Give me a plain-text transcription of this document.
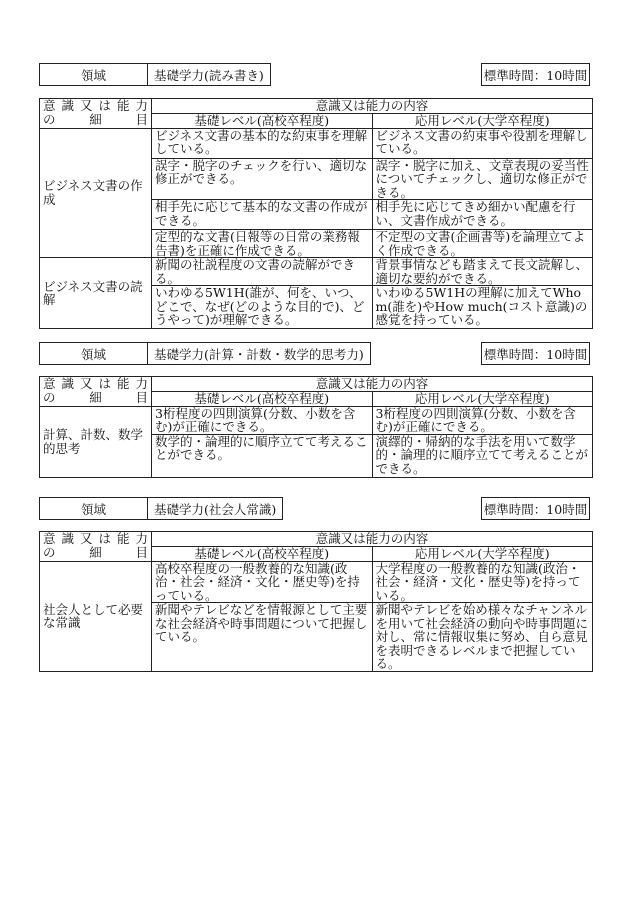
領域	基礎学力(読み書き)	標準時間：10時間
意識又は能力
の　　細　　目	意識又は能力の内容	
	基礎レベル(高校卒程度)	応用レベル(大学卒程度)
ビジネス文書の作成	ビジネス文書の基本的な約束事を理解している。	ビジネス文書の約束事や役割を理解している。
	誤字・脱字のチェックを行い、適切な修正ができる。	誤字・脱字に加え、文章表現の妥当性についてチェックし、適切な修正ができる。
	相手先に応じて基本的な文書の作成ができる。	相手先に応じてきめ細かい配慮を行い、文書作成ができる。
	定型的な文書(日報等の日常の業務報告書)を正確に作成できる。	不定型の文書(企画書等)を論理立てよく作成できる。
ビジネス文書の読解	新聞の社説程度の文書の読解ができる。	背景事情なども踏まえて長文読解し、適切な要約ができる。
	いわゆる5W1H(誰が、何を、いつ、どこで、なぜ(どのような目的で)、どうやって)が理解できる。	いわゆる5W1Hの理解に加えてWhom(誰を)やHow much(コスト意識)の感覚を持っている。
領域	基礎学力(計算・計数・数学的思考力)	標準時間：10時間
意識又は能力
の　　細　　目	意識又は能力の内容	
	基礎レベル(高校卒程度)	応用レベル(大学卒程度)
計算、計数、数学的思考	3桁程度の四則演算(分数、小数を含む)が正確にできる。	3桁程度の四則演算(分数、小数を含む)が正確にできる。
	数学的・論理的に順序立てて考えることができる。	演繹的・帰納的な手法を用いて数学的・論理的に順序立てて考えることができる。
領域	基礎学力(社会人常識)	標準時間：10時間
意識又は能力
の　　細　　目	意識又は能力の内容	
	基礎レベル(高校卒程度)	応用レベル(大学卒程度)
社会人として必要な常識	高校卒程度の一般教養的な知識(政治・社会・経済・文化・歴史等)を持っている。	大学程度の一般教養的な知識(政治・社会・経済・文化・歴史等)を持っている。
	新聞やテレビなどを情報源として主要な社会経済や時事問題について把握している。	新聞やテレビを始め様々なチャンネルを用いて社会経済の動向や時事問題に対し、常に情報収集に努め、自ら意見を表明できるレベルまで把握している。
